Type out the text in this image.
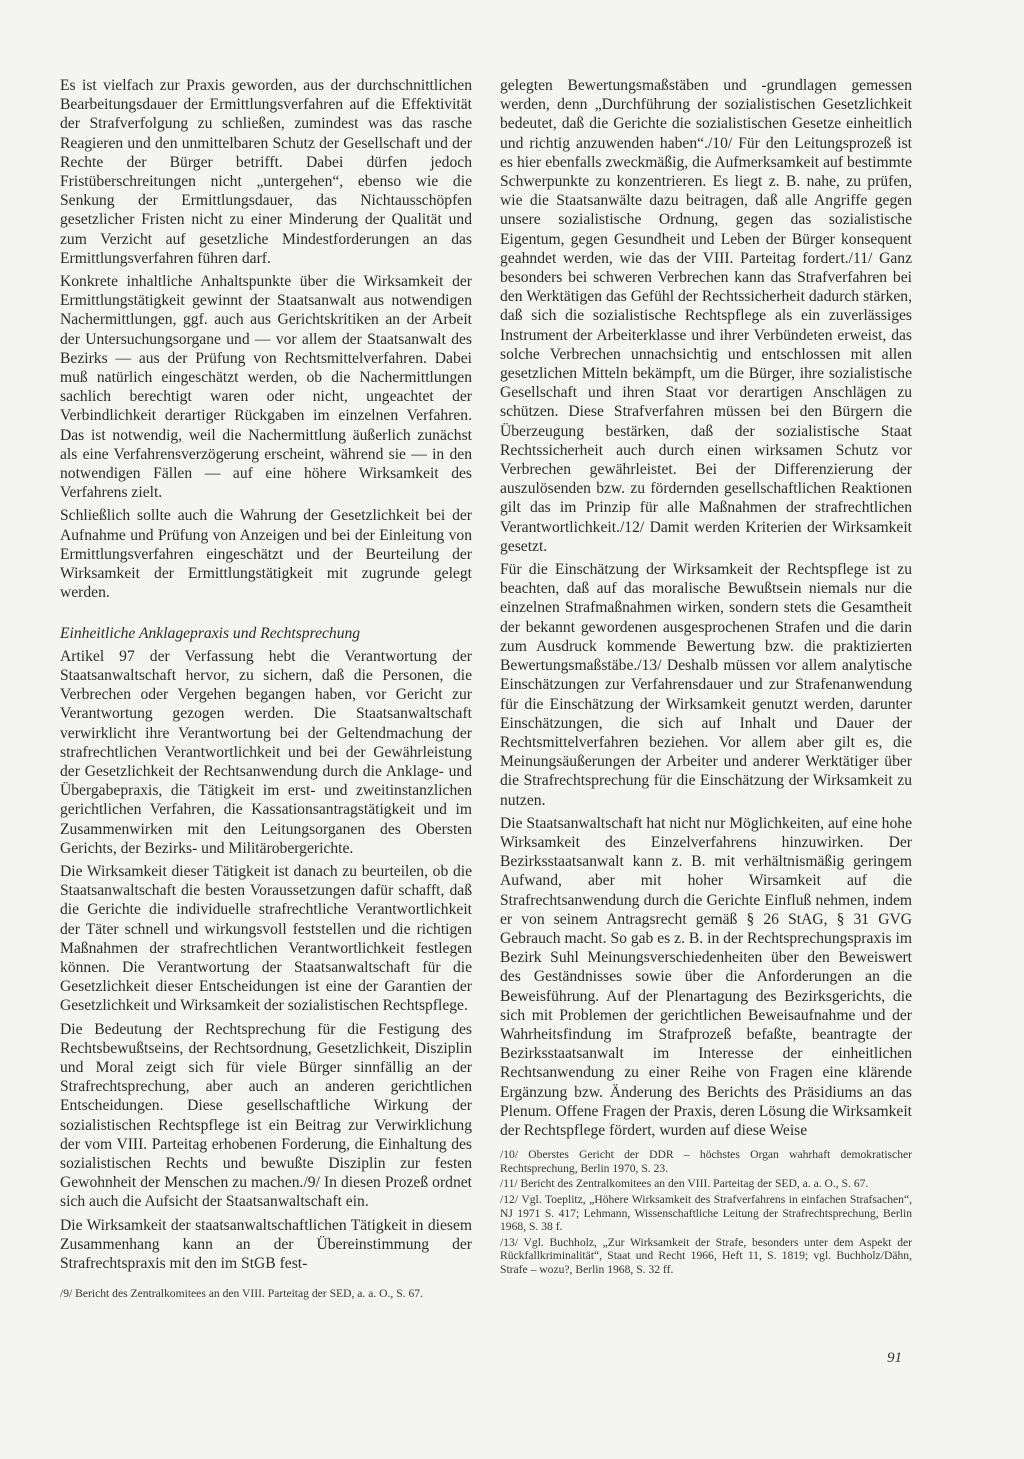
Es ist vielfach zur Praxis geworden, aus der durchschnittlichen Bearbeitungsdauer der Ermittlungsverfahren auf die Effektivität der Strafverfolgung zu schließen, zumindest was das rasche Reagieren und den unmittelbaren Schutz der Gesellschaft und der Rechte der Bürger betrifft. Dabei dürfen jedoch Fristüberschreitungen nicht „untergehen“, ebenso wie die Senkung der Ermittlungsdauer, das Nichtausschöpfen gesetzlicher Fristen nicht zu einer Minderung der Qualität und zum Verzicht auf gesetzliche Mindestforderungen an das Ermittlungsverfahren führen darf.

Konkrete inhaltliche Anhaltspunkte über die Wirksamkeit der Ermittlungstätigkeit gewinnt der Staatsanwalt aus notwendigen Nachermittlungen, ggf. auch aus Gerichtskritiken an der Arbeit der Untersuchungsorgane und — vor allem der Staatsanwalt des Bezirks — aus der Prüfung von Rechtsmittelverfahren. Dabei muß natürlich eingeschätzt werden, ob die Nachermittlungen sachlich berechtigt waren oder nicht, ungeachtet der Verbindlichkeit derartiger Rückgaben im einzelnen Verfahren. Das ist notwendig, weil die Nachermittlung äußerlich zunächst als eine Verfahrensverzögerung erscheint, während sie — in den notwendigen Fällen — auf eine höhere Wirksamkeit des Verfahrens zielt.

Schließlich sollte auch die Wahrung der Gesetzlichkeit bei der Aufnahme und Prüfung von Anzeigen und bei der Einleitung von Ermittlungsverfahren eingeschätzt und der Beurteilung der Wirksamkeit der Ermittlungstätigkeit mit zugrunde gelegt werden.

Einheitliche Anklagepraxis und Rechtsprechung

Artikel 97 der Verfassung hebt die Verantwortung der Staatsanwaltschaft hervor, zu sichern, daß die Personen, die Verbrechen oder Vergehen begangen haben, vor Gericht zur Verantwortung gezogen werden. Die Staatsanwaltschaft verwirklicht ihre Verantwortung bei der Geltendmachung der strafrechtlichen Verantwortlichkeit und bei der Gewährleistung der Gesetzlichkeit der Rechtsanwendung durch die Anklage- und Übergabepraxis, die Tätigkeit im erst- und zweitinstanzlichen gerichtlichen Verfahren, die Kassationsantragstätigkeit und im Zusammenwirken mit den Leitungsorganen des Obersten Gerichts, der Bezirks- und Militärobergerichte.

Die Wirksamkeit dieser Tätigkeit ist danach zu beurteilen, ob die Staatsanwaltschaft die besten Voraussetzungen dafür schafft, daß die Gerichte die individuelle strafrechtliche Verantwortlichkeit der Täter schnell und wirkungsvoll feststellen und die richtigen Maßnahmen der strafrechtlichen Verantwortlichkeit festlegen können. Die Verantwortung der Staatsanwaltschaft für die Gesetzlichkeit dieser Entscheidungen ist eine der Garantien der Gesetzlichkeit und Wirksamkeit der sozialistischen Rechtspflege.

Die Bedeutung der Rechtsprechung für die Festigung des Rechtsbewußtseins, der Rechtsordnung, Gesetzlichkeit, Disziplin und Moral zeigt sich für viele Bürger sinnfällig an der Strafrechtsprechung, aber auch an anderen gerichtlichen Entscheidungen. Diese gesellschaftliche Wirkung der sozialistischen Rechtspflege ist ein Beitrag zur Verwirklichung der vom VIII. Parteitag erhobenen Forderung, die Einhaltung des sozialistischen Rechts und bewußte Disziplin zur festen Gewohnheit der Menschen zu machen./9/ In diesen Prozeß ordnet sich auch die Aufsicht der Staatsanwaltschaft ein.

Die Wirksamkeit der staatsanwaltschaftlichen Tätigkeit in diesem Zusammenhang kann an der Übereinstimmung der Strafrechtspraxis mit den im StGB fest-

/9/ Bericht des Zentralkomitees an den VIII. Parteitag der SED, a. a. O., S. 67.

gelegten Bewertungsmaßstäben und -grundlagen gemessen werden, denn „Durchführung der sozialistischen Gesetzlichkeit bedeutet, daß die Gerichte die sozialistischen Gesetze einheitlich und richtig anzuwenden haben“./10/ Für den Leitungsprozeß ist es hier ebenfalls zweckmäßig, die Aufmerksamkeit auf bestimmte Schwerpunkte zu konzentrieren. Es liegt z. B. nahe, zu prüfen, wie die Staatsanwälte dazu beitragen, daß alle Angriffe gegen unsere sozialistische Ordnung, gegen das sozialistische Eigentum, gegen Gesundheit und Leben der Bürger konsequent geahndet werden, wie das der VIII. Parteitag fordert./11/ Ganz besonders bei schweren Verbrechen kann das Strafverfahren bei den Werktätigen das Gefühl der Rechtssicherheit dadurch stärken, daß sich die sozialistische Rechtspflege als ein zuverlässiges Instrument der Arbeiterklasse und ihrer Verbündeten erweist, das solche Verbrechen unnachsichtig und entschlossen mit allen gesetzlichen Mitteln bekämpft, um die Bürger, ihre sozialistische Gesellschaft und ihren Staat vor derartigen Anschlägen zu schützen. Diese Strafverfahren müssen bei den Bürgern die Überzeugung bestärken, daß der sozialistische Staat Rechtssicherheit auch durch einen wirksamen Schutz vor Verbrechen gewährleistet. Bei der Differenzierung der auszulösenden bzw. zu fördernden gesellschaftlichen Reaktionen gilt das im Prinzip für alle Maßnahmen der strafrechtlichen Verantwortlichkeit./12/ Damit werden Kriterien der Wirksamkeit gesetzt.

Für die Einschätzung der Wirksamkeit der Rechtspflege ist zu beachten, daß auf das moralische Bewußtsein niemals nur die einzelnen Strafmaßnahmen wirken, sondern stets die Gesamtheit der bekannt gewordenen ausgesprochenen Strafen und die darin zum Ausdruck kommende Bewertung bzw. die praktizierten Bewertungsmaßstäbe./13/ Deshalb müssen vor allem analytische Einschätzungen zur Verfahrensdauer und zur Strafenanwendung für die Einschätzung der Wirksamkeit genutzt werden, darunter Einschätzungen, die sich auf Inhalt und Dauer der Rechtsmittelverfahren beziehen. Vor allem aber gilt es, die Meinungsäußerungen der Arbeiter und anderer Werktätiger über die Strafrechtsprechung für die Einschätzung der Wirksamkeit zu nutzen.

Die Staatsanwaltschaft hat nicht nur Möglichkeiten, auf eine hohe Wirksamkeit des Einzelverfahrens hinzuwirken. Der Bezirksstaatsanwalt kann z. B. mit verhältnismäßig geringem Aufwand, aber mit hoher Wirsamkeit auf die Strafrechtsanwendung durch die Gerichte Einfluß nehmen, indem er von seinem Antragsrecht gemäß § 26 StAG, § 31 GVG Gebrauch macht. So gab es z. B. in der Rechtsprechungspraxis im Bezirk Suhl Meinungsverschiedenheiten über den Beweiswert des Geständnisses sowie über die Anforderungen an die Beweisführung. Auf der Plenartagung des Bezirksgerichts, die sich mit Problemen der gerichtlichen Beweisaufnahme und der Wahrheitsfindung im Strafprozeß befaßte, beantragte der Bezirksstaatsanwalt im Interesse der einheitlichen Rechtsanwendung zu einer Reihe von Fragen eine klärende Ergänzung bzw. Änderung des Berichts des Präsidiums an das Plenum. Offene Fragen der Praxis, deren Lösung die Wirksamkeit der Rechtspflege fördert, wurden auf diese Weise

/10/ Oberstes Gericht der DDR – höchstes Organ wahrhaft demokratischer Rechtsprechung, Berlin 1970, S. 23.

/11/ Bericht des Zentralkomitees an den VIII. Parteitag der SED, a. a. O., S. 67.

/12/ Vgl. Toeplitz, „Höhere Wirksamkeit des Strafverfahrens in einfachen Strafsachen“, NJ 1971 S. 417; Lehmann, Wissenschaftliche Leitung der Strafrechtsprechung, Berlin 1968, S. 38 f.

/13/ Vgl. Buchholz, „Zur Wirksamkeit der Strafe, besonders unter dem Aspekt der Rückfallkriminalität“, Staat und Recht 1966, Heft 11, S. 1819; vgl. Buchholz/Dähn, Strafe – wozu?, Berlin 1968, S. 32 ff.

91
